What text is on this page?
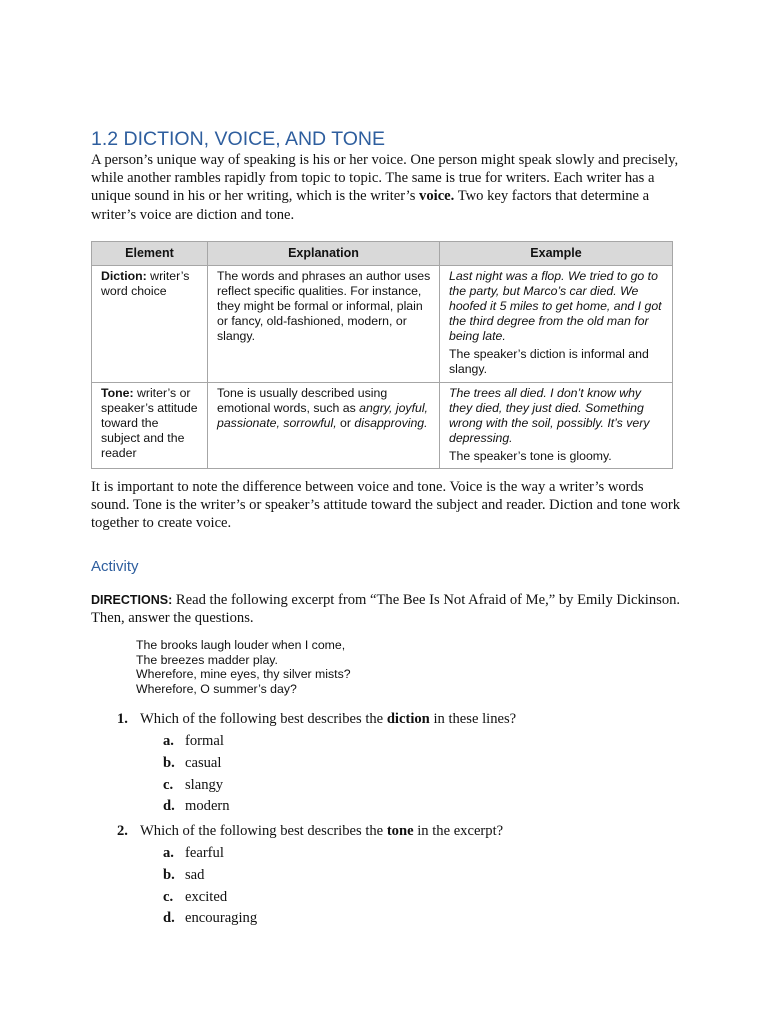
1.2 DICTION, VOICE, AND TONE

A person’s unique way of speaking is his or her voice. One person might speak slowly and precisely, while another rambles rapidly from topic to topic. The same is true for writers. Each writer has a unique sound in his or her writing, which is the writer’s voice. Two key factors that determine a writer’s voice are diction and tone.

Element	Explanation	Example
Diction: writer’s word choice	The words and phrases an author uses reflect specific qualities. For instance, they might be formal or informal, plain or fancy, old-fashioned, modern, or slangy.	Last night was a flop. We tried to go to the party, but Marco’s car died. We hoofed it 5 miles to get home, and I got the third degree from the old man for being late.

The speaker’s diction is informal and slangy.

Tone: writer’s or speaker’s attitude toward the subject and the reader	Tone is usually described using emotional words, such as angry, joyful, passionate, sorrowful, or disapproving.	The trees all died. I don’t know why they died, they just died. Something wrong with the soil, possibly. It’s very depressing.

The speaker’s tone is gloomy.

It is important to note the difference between voice and tone. Voice is the way a writer’s words sound. Tone is the writer’s or speaker’s attitude toward the subject and reader. Diction and tone work together to create voice.

Activity

DIRECTIONS: Read the following excerpt from “The Bee Is Not Afraid of Me,” by Emily Dickinson. Then, answer the questions.

The brooks laugh louder when I come,
The breezes madder play.
Wherefore, mine eyes, thy silver mists?
Wherefore, O summer’s day?

1. Which of the following best describes the diction in these lines?

a. formal
b. casual
c. slangy
d. modern

2. Which of the following best describes the tone in the excerpt?

a. fearful
b. sad
c. excited
d. encouraging
